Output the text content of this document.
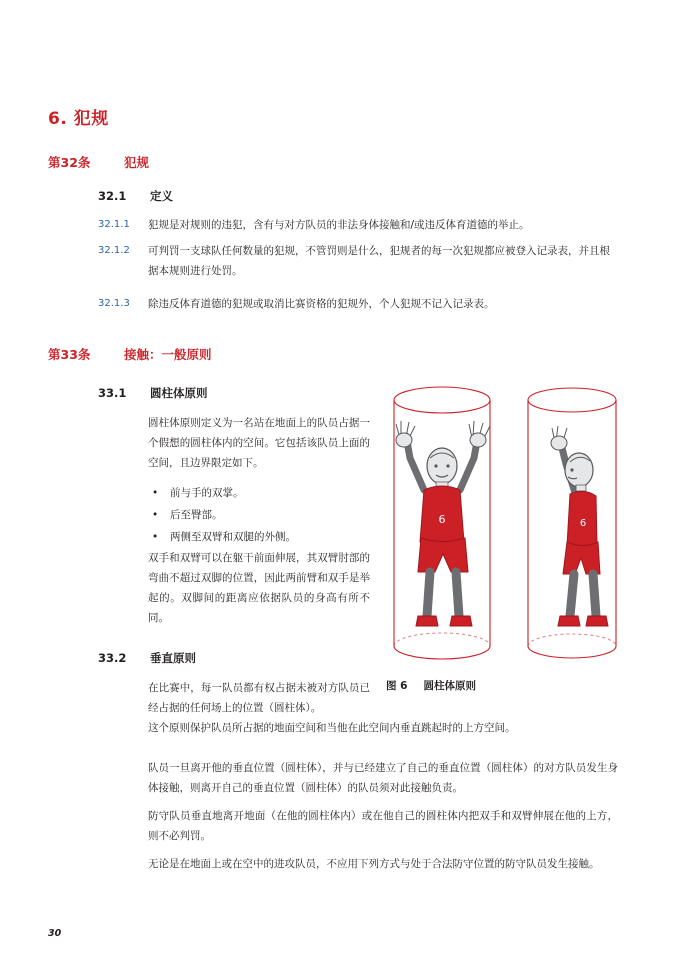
6. 犯规
第32条	犯规
32.1 定义
32.1.1	犯规是对规则的违犯，含有与对方队员的非法身体接触和/或违反体育道德的举止。
32.1.2	可判罚一支球队任何数量的犯规，不管罚则是什么，犯规者的每一次犯规都应被登入记录表，并且根据本规则进行处罚。
32.1.3	除违反体育道德的犯规或取消比赛资格的犯规外，个人犯规不记入记录表。
第33条	接触：一般原则
33.1 圆柱体原则
圆柱体原则定义为一名站在地面上的队员占据一个假想的圆柱体内的空间。它包括该队员上面的空间，且边界限定如下。
• 前与手的双掌。
• 后至臀部。
• 两侧至双臂和双腿的外侧。
双手和双臂可以在躯干前面伸展，其双臂肘部的弯曲不超过双脚的位置，因此两前臂和双手是举起的。双脚间的距离应依据队员的身高有所不同。
33.2 垂直原则
在比赛中，每一队员都有权占据未被对方队员已经占据的任何场上的位置（圆柱体）。
这个原则保护队员所占据的地面空间和当他在此空间内垂直跳起时的上方空间。
队员一旦离开他的垂直位置（圆柱体），并与已经建立了自己的垂直位置（圆柱体）的对方队员发生身体接触，则离开自己的垂直位置（圆柱体）的队员须对此接触负责。
防守队员垂直地离开地面（在他的圆柱体内）或在他自己的圆柱体内把双手和双臂伸展在他的上方，则不必判罚。
无论是在地面上或在空中的进攻队员，不应用下列方式与处于合法防守位置的防守队员发生接触。
6	6
图 6 圆柱体原则
30
